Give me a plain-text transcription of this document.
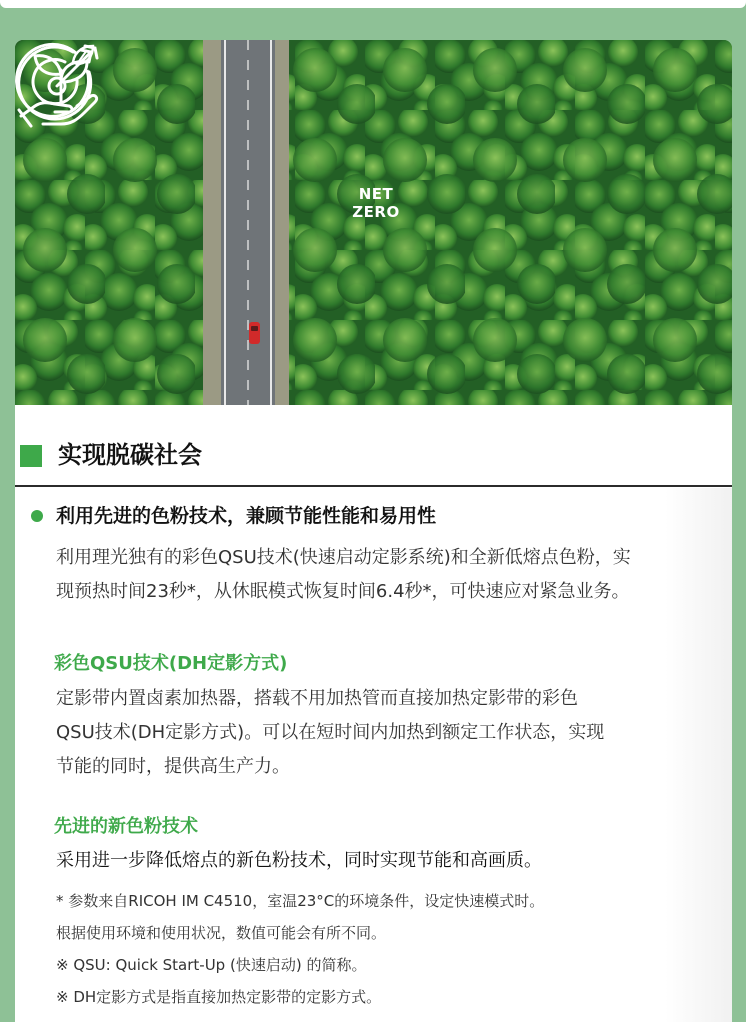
NET
ZERO
实现脱碳社会
利用先进的色粉技术，兼顾节能性能和易用性
利用理光独有的彩色QSU技术(快速启动定影系统)和全新低熔点色粉，实
现预热时间23秒*，从休眠模式恢复时间6.4秒*，可快速应对紧急业务。
彩色QSU技术(DH定影方式)
定影带内置卤素加热器，搭载不用加热管而直接加热定影带的彩色
QSU技术(DH定影方式)。可以在短时间内加热到额定工作状态，实现
节能的同时，提供高生产力。
先进的新色粉技术
采用进一步降低熔点的新色粉技术，同时实现节能和高画质。
* 参数来自RICOH IM C4510，室温23°C的环境条件，设定快速模式时。
根据使用环境和使用状况，数值可能会有所不同。
※ QSU: Quick Start-Up (快速启动) 的简称。
※ DH定影方式是指直接加热定影带的定影方式。
